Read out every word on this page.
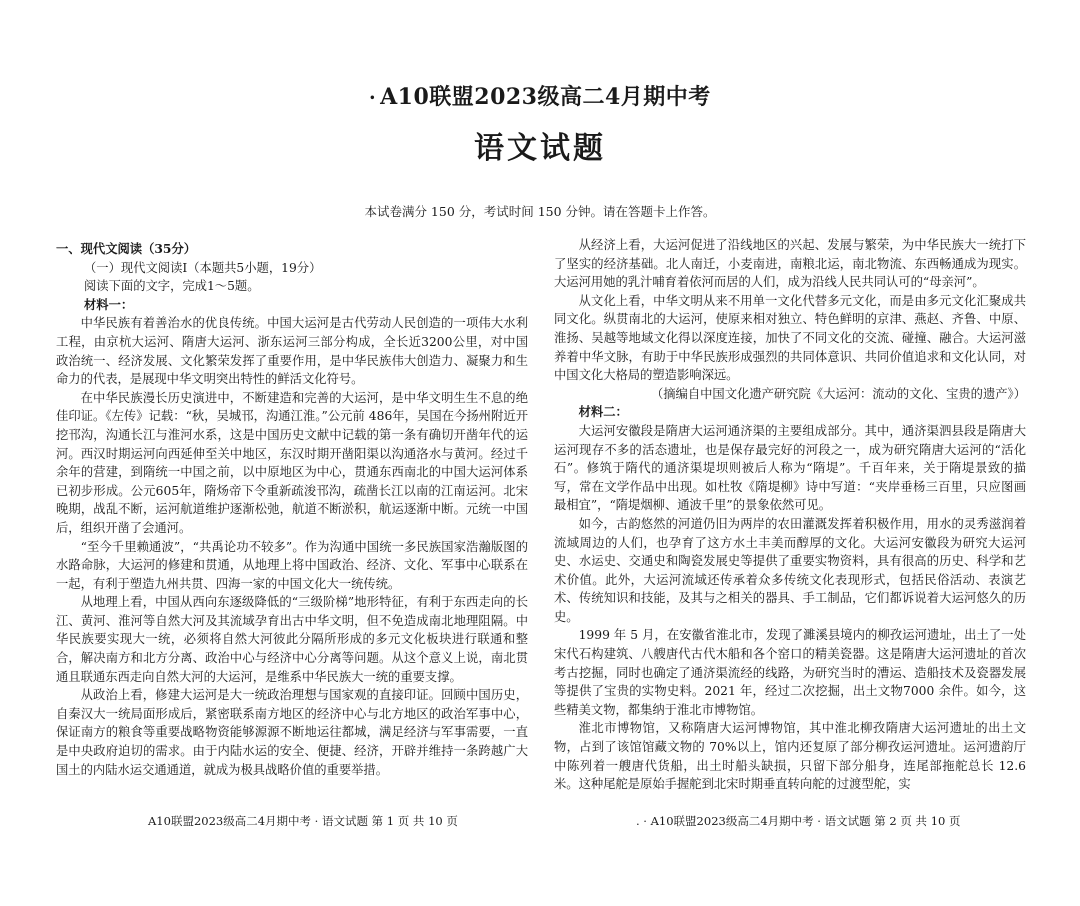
• A10联盟2023级高二4月期中考
语文试题
本试卷满分 150 分，考试时间 150 分钟。请在答题卡上作答。

一、现代文阅读（35分）

（一）现代文阅读Ⅰ（本题共5小题，19分）

阅读下面的文字，完成1～5题。

材料一：

中华民族有着善治水的优良传统。中国大运河是古代劳动人民创造的一项伟大水利工程，由京杭大运河、隋唐大运河、浙东运河三部分构成，全长近3200公里，对中国政治统一、经济发展、文化繁荣发挥了重要作用，是中华民族伟大创造力、凝聚力和生命力的代表，是展现中华文明突出特性的鲜活文化符号。

在中华民族漫长历史演进中，不断建造和完善的大运河，是中华文明生生不息的绝佳印证。《左传》记载：“秋，吴城邗，沟通江淮。”公元前 486年，吴国在今扬州附近开挖邗沟，沟通长江与淮河水系，这是中国历史文献中记载的第一条有确切开凿年代的运河。西汉时期运河向西延伸至关中地区，东汉时期开凿阳渠以沟通洛水与黄河。经过千余年的营建，到隋统一中国之前，以中原地区为中心，贯通东西南北的中国大运河体系已初步形成。公元605年，隋炀帝下令重新疏浚邗沟，疏凿长江以南的江南运河。北宋晚期，战乱不断，运河航道维护逐渐松弛，航道不断淤积，航运逐渐中断。元统一中国后，组织开凿了会通河。

“至今千里赖通波”，“共禹论功不较多”。作为沟通中国统一多民族国家浩瀚版图的水路命脉，大运河的修建和贯通，从地理上将中国政治、经济、文化、军事中心联系在一起，有利于塑造九州共贯、四海一家的中国文化大一统传统。

从地理上看，中国从西向东逐级降低的“三级阶梯”地形特征，有利于东西走向的长江、黄河、淮河等自然大河及其流域孕育出古中华文明，但不免造成南北地理阻隔。中华民族要实现大一统，必须将自然大河彼此分隔所形成的多元文化板块进行联通和整合，解决南方和北方分离、政治中心与经济中心分离等问题。从这个意义上说，南北贯通且联通东西走向自然大河的大运河，是维系中华民族大一统的重要支撑。

从政治上看，修建大运河是大一统政治理想与国家观的直接印证。回顾中国历史，自秦汉大一统局面形成后，紧密联系南方地区的经济中心与北方地区的政治军事中心，保证南方的粮食等重要战略物资能够源源不断地运往都城，满足经济与军事需要，一直是中央政府迫切的需求。由于内陆水运的安全、便捷、经济，开辟并维持一条跨越广大国土的内陆水运交通通道，就成为极具战略价值的重要举措。

从经济上看，大运河促进了沿线地区的兴起、发展与繁荣，为中华民族大一统打下了坚实的经济基础。北人南迁，小麦南进，南粮北运，南北物流、东西畅通成为现实。大运河用她的乳汁哺育着依河而居的人们，成为沿线人民共同认可的“母亲河”。

从文化上看，中华文明从来不用单一文化代替多元文化，而是由多元文化汇聚成共同文化。纵贯南北的大运河，使原来相对独立、特色鲜明的京津、燕赵、齐鲁、中原、淮扬、吴越等地域文化得以深度连接，加快了不同文化的交流、碰撞、融合。大运河滋养着中华文脉，有助于中华民族形成强烈的共同体意识、共同价值追求和文化认同，对中国文化大格局的塑造影响深远。

（摘编自中国文化遗产研究院《大运河：流动的文化、宝贵的遗产》）

材料二：

大运河安徽段是隋唐大运河通济渠的主要组成部分。其中，通济渠泗县段是隋唐大运河现存不多的活态遗址，也是保存最完好的河段之一，成为研究隋唐大运河的“活化石”。修筑于隋代的通济渠堤坝则被后人称为“隋堤”。千百年来，关于隋堤景致的描写，常在文学作品中出现。如杜牧《隋堤柳》诗中写道：“夹岸垂杨三百里，只应图画最相宜”，“隋堤烟柳、通波千里”的景象依然可见。

如今，古韵悠然的河道仍旧为两岸的农田灌溉发挥着积极作用，用水的灵秀滋润着流域周边的人们，也孕育了这方水土丰美而醇厚的文化。大运河安徽段为研究大运河史、水运史、交通史和陶瓷发展史等提供了重要实物资料，具有很高的历史、科学和艺术价值。此外，大运河流域还传承着众多传统文化表现形式，包括民俗活动、表演艺术、传统知识和技能，及其与之相关的器具、手工制品，它们都诉说着大运河悠久的历史。

1999 年 5 月，在安徽省淮北市，发现了濉溪县境内的柳孜运河遗址，出土了一处宋代石构建筑、八艘唐代古代木船和各个窑口的精美瓷器。这是隋唐大运河遗址的首次考古挖掘，同时也确定了通济渠流经的线路，为研究当时的漕运、造船技术及瓷器发展等提供了宝贵的实物史料。2021 年，经过二次挖掘，出土文物7000 余件。如今，这些精美文物，都集纳于淮北市博物馆。

淮北市博物馆，又称隋唐大运河博物馆，其中淮北柳孜隋唐大运河遗址的出土文物，占到了该馆馆藏文物的 70%以上，馆内还复原了部分柳孜运河遗址。运河遗韵厅中陈列着一艘唐代货船，出土时船头缺损，只留下部分船身，连尾部拖舵总长 12.6 米。这种尾舵是原始手握舵到北宋时期垂直转向舵的过渡型舵，实

A10联盟2023级高二4月期中考 · 语文试题 第 1 页 共 10 页	. · A10联盟2023级高二4月期中考 · 语文试题 第 2 页 共 10 页
